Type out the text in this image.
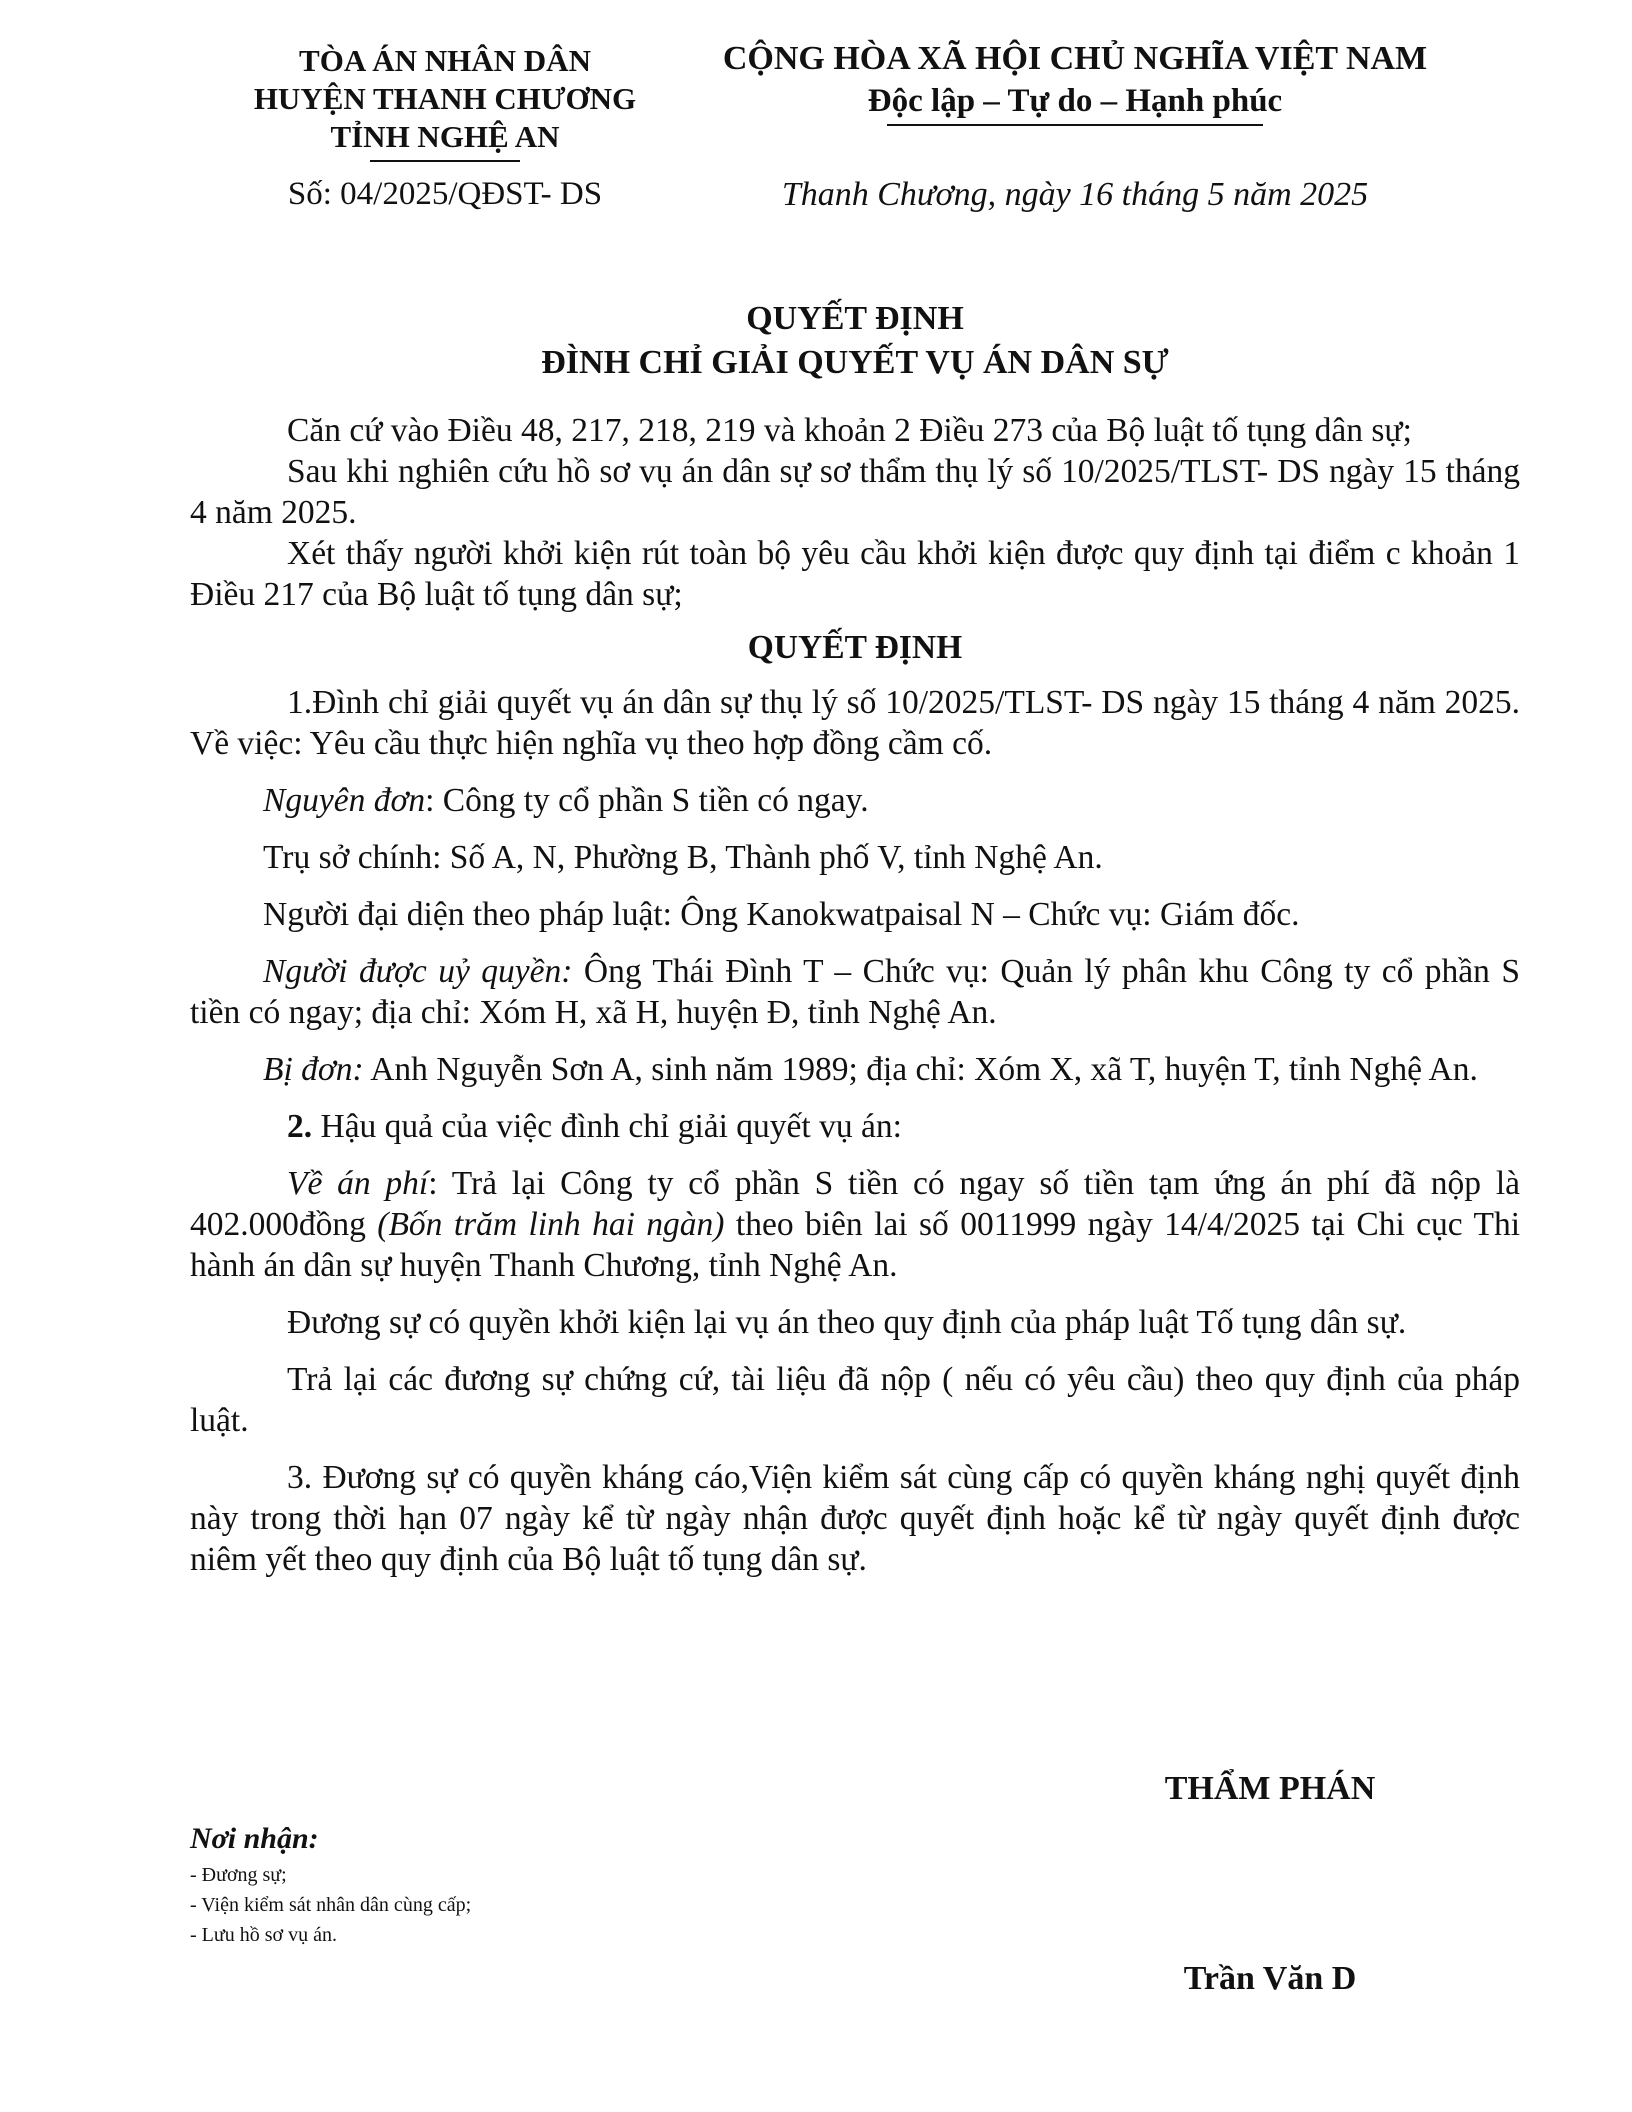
TÒA ÁN NHÂN DÂN
HUYỆN THANH CHƯƠNG
TỈNH NGHỆ AN
Số: 04/2025/QĐST- DS
CỘNG HÒA XÃ HỘI CHỦ NGHĨA VIỆT NAM
Độc lập – Tự do – Hạnh phúc
Thanh Chương, ngày 16 tháng 5 năm 2025
QUYẾT ĐỊNH
ĐÌNH CHỈ GIẢI QUYẾT VỤ ÁN DÂN SỰ

Căn cứ vào Điều 48, 217, 218, 219 và khoản 2 Điều 273 của Bộ luật tố tụng dân sự;

Sau khi nghiên cứu hồ sơ vụ án dân sự sơ thẩm thụ lý số 10/2025/TLST- DS ngày 15 tháng 4 năm 2025.

Xét thấy người khởi kiện rút toàn bộ yêu cầu khởi kiện được quy định tại điểm c khoản 1 Điều 217 của Bộ luật tố tụng dân sự;

QUYẾT ĐỊNH

1.Đình chỉ giải quyết vụ án dân sự thụ lý số 10/2025/TLST- DS ngày 15 tháng 4 năm 2025. Về việc: Yêu cầu thực hiện nghĩa vụ theo hợp đồng cầm cố.

Nguyên đơn: Công ty cổ phần S tiền có ngay.

Trụ sở chính: Số A, N, Phường B, Thành phố V, tỉnh Nghệ An.

Người đại diện theo pháp luật: Ông Kanokwatpaisal N – Chức vụ: Giám đốc.

Người được uỷ quyền: Ông Thái Đình T – Chức vụ: Quản lý phân khu Công ty cổ phần S tiền có ngay; địa chỉ: Xóm H, xã H, huyện Đ, tỉnh Nghệ An.

Bị đơn: Anh Nguyễn Sơn A, sinh năm 1989; địa chỉ: Xóm X, xã T, huyện T, tỉnh Nghệ An.

2. Hậu quả của việc đình chỉ giải quyết vụ án:

Về án phí: Trả lại Công ty cổ phần S tiền có ngay số tiền tạm ứng án phí đã nộp là 402.000đồng (Bốn trăm linh hai ngàn) theo biên lai số 0011999 ngày 14/4/2025 tại Chi cục Thi hành án dân sự huyện Thanh Chương, tỉnh Nghệ An.

Đương sự có quyền khởi kiện lại vụ án theo quy định của pháp luật Tố tụng dân sự.

Trả lại các đương sự chứng cứ, tài liệu đã nộp ( nếu có yêu cầu) theo quy định của pháp luật.

3. Đương sự có quyền kháng cáo,Viện kiểm sát cùng cấp có quyền kháng nghị quyết định này trong thời hạn 07 ngày kể từ ngày nhận được quyết định hoặc kể từ ngày quyết định được niêm yết theo quy định của Bộ luật tố tụng dân sự.

THẨM PHÁN
Trần Văn D
Nơi nhận:
- Đương sự;
- Viện kiểm sát nhân dân cùng cấp;
- Lưu hồ sơ vụ án.
